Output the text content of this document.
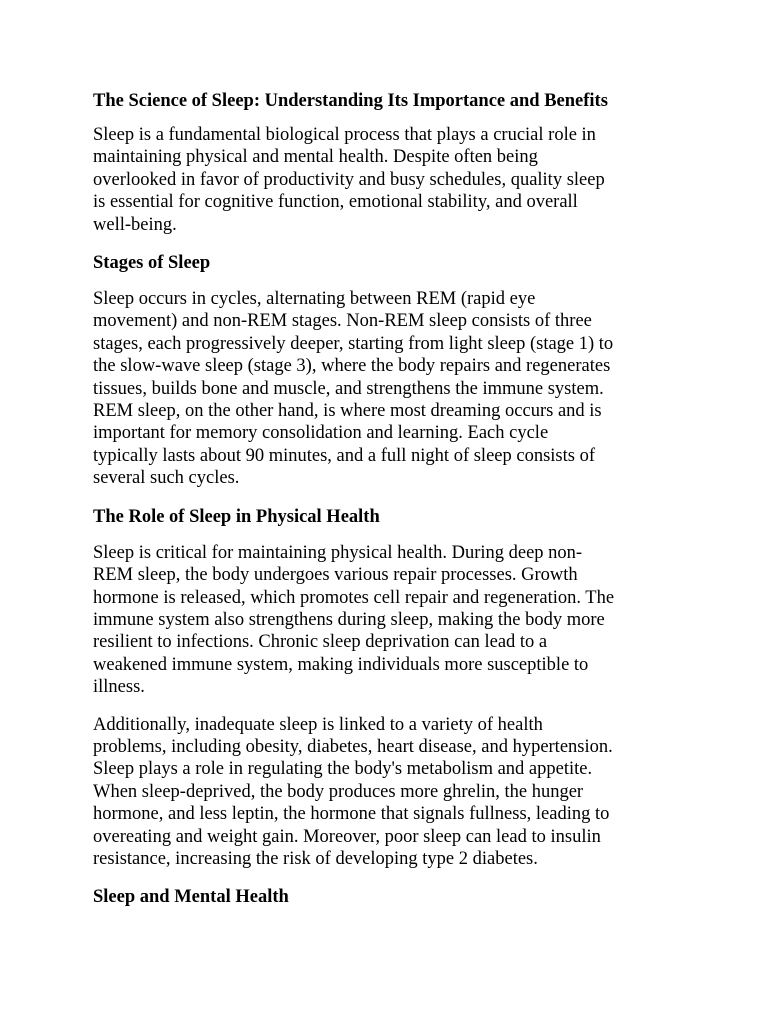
The Science of Sleep: Understanding Its Importance and Benefits
Sleep is a fundamental biological process that plays a crucial role in
maintaining physical and mental health. Despite often being
overlooked in favor of productivity and busy schedules, quality sleep
is essential for cognitive function, emotional stability, and overall
well-being.
Stages of Sleep
Sleep occurs in cycles, alternating between REM (rapid eye
movement) and non-REM stages. Non-REM sleep consists of three
stages, each progressively deeper, starting from light sleep (stage 1) to
the slow-wave sleep (stage 3), where the body repairs and regenerates
tissues, builds bone and muscle, and strengthens the immune system.
REM sleep, on the other hand, is where most dreaming occurs and is
important for memory consolidation and learning. Each cycle
typically lasts about 90 minutes, and a full night of sleep consists of
several such cycles.
The Role of Sleep in Physical Health
Sleep is critical for maintaining physical health. During deep non-
REM sleep, the body undergoes various repair processes. Growth
hormone is released, which promotes cell repair and regeneration. The
immune system also strengthens during sleep, making the body more
resilient to infections. Chronic sleep deprivation can lead to a
weakened immune system, making individuals more susceptible to
illness.
Additionally, inadequate sleep is linked to a variety of health
problems, including obesity, diabetes, heart disease, and hypertension.
Sleep plays a role in regulating the body's metabolism and appetite.
When sleep-deprived, the body produces more ghrelin, the hunger
hormone, and less leptin, the hormone that signals fullness, leading to
overeating and weight gain. Moreover, poor sleep can lead to insulin
resistance, increasing the risk of developing type 2 diabetes.
Sleep and Mental Health
